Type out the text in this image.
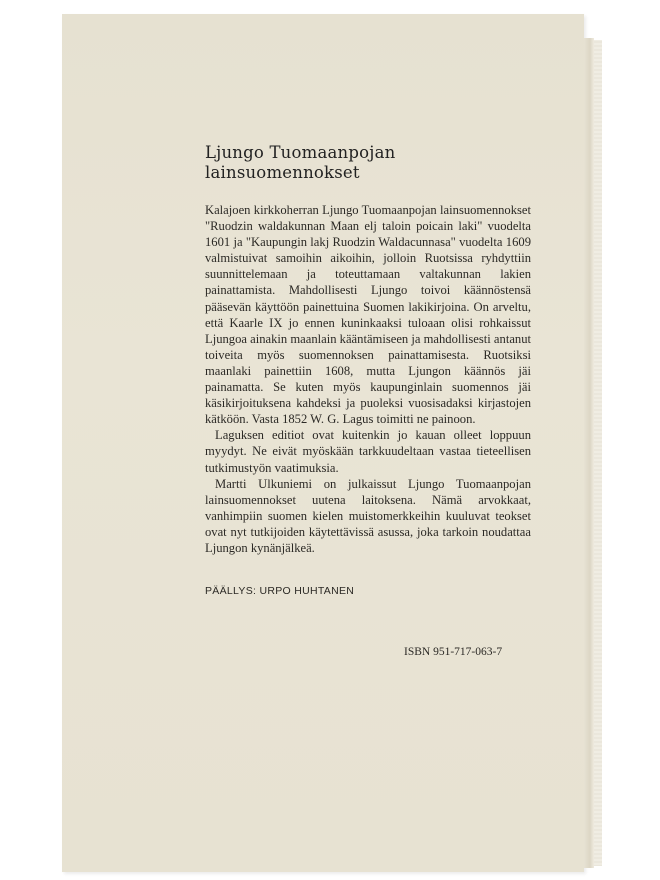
Ljungo Tuomaanpojan
lainsuomennokset

Kalajoen kirkkoherran Ljungo Tuomaanpojan lainsuomennokset "Ruodzin waldakunnan Maan elj taloin poicain laki" vuodelta 1601 ja "Kaupungin lakj Ruodzin Waldacunnasa" vuodelta 1609 valmistuivat samoihin aikoihin, jolloin Ruotsissa ryhdyttiin suunnittelemaan ja toteuttamaan valtakunnan lakien painattamista. Mahdollisesti Ljungo toivoi käännöstensä pääsevän käyttöön painettuina Suomen lakikirjoina. On arveltu, että Kaarle IX jo ennen kuninkaaksi tuloaan olisi rohkaissut Ljungoa ainakin maanlain kääntämiseen ja mahdollisesti antanut toiveita myös suomennoksen painattamisesta. Ruotsiksi maanlaki painettiin 1608, mutta Ljungon käännös jäi painamatta. Se kuten myös kaupunginlain suomennos jäi käsikirjoituksena kahdeksi ja puoleksi vuosisadaksi kirjastojen kätköön. Vasta 1852 W. G. Lagus toimitti ne painoon.

Laguksen editiot ovat kuitenkin jo kauan olleet loppuun myydyt. Ne eivät myöskään tarkkuudeltaan vastaa tieteellisen tutkimustyön vaatimuksia.

Martti Ulkuniemi on julkaissut Ljungo Tuomaanpojan lainsuomennokset uutena laitoksena. Nämä arvokkaat, vanhimpiin suomen kielen muistomerkkeihin kuuluvat teokset ovat nyt tutkijoiden käytettävissä asussa, joka tarkoin noudattaa Ljungon kynänjälkeä.

PÄÄLLYS: URPO HUHTANEN
ISBN 951-717-063-7
